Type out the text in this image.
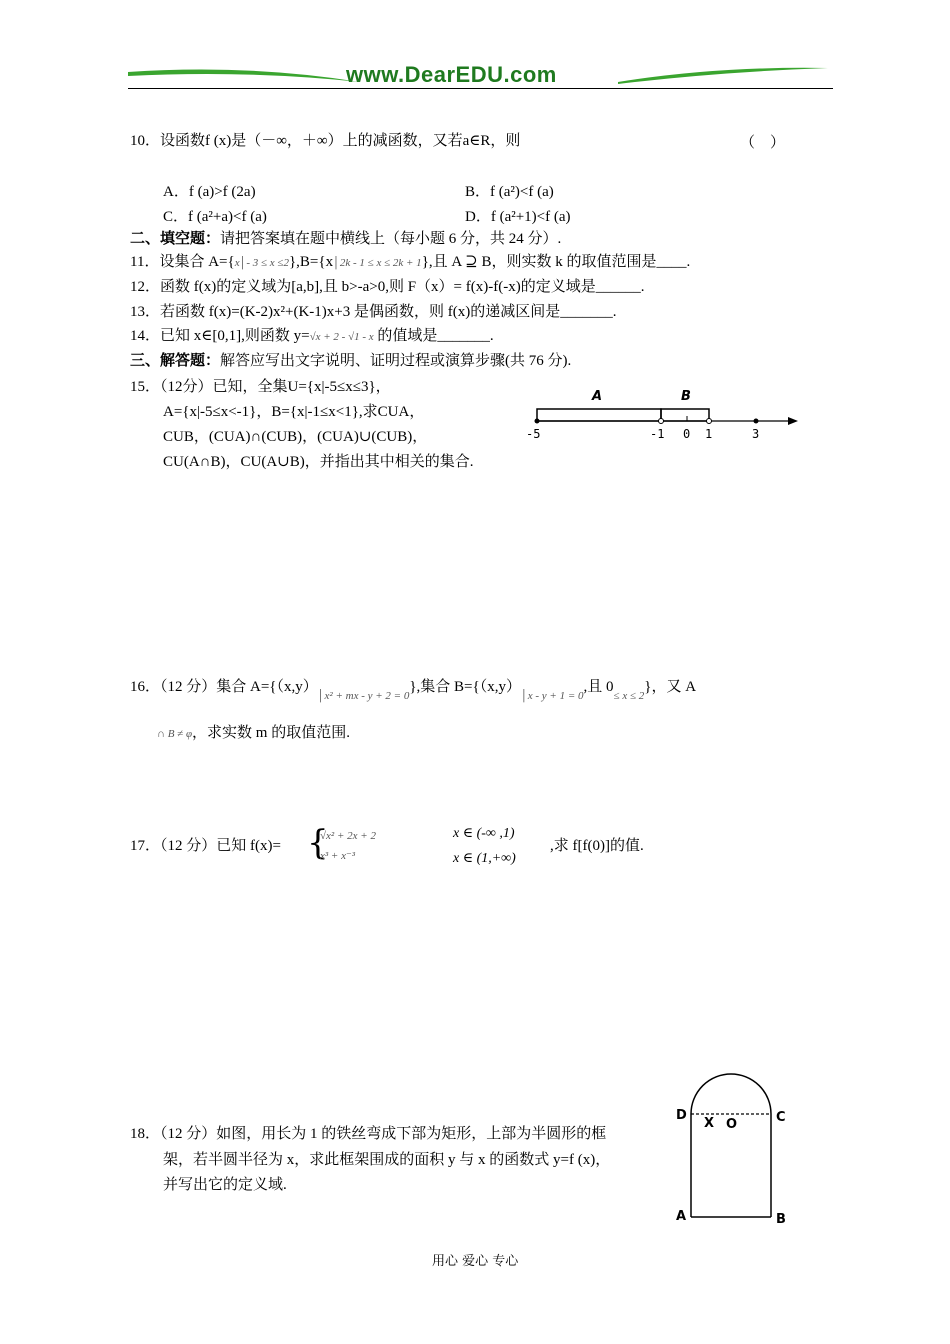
www.DearEDU.com
10．设函数f (x)是（－∞，＋∞）上的减函数，又若a∈R，则	（　）
A．f (a)>f (2a)	B．f (a²)<f (a)
C．f (a²+a)<f (a)	D．f (a²+1)<f (a)
二、填空题：请把答案填在题中横线上（每小题 6 分，共 24 分）.
11．设集合 A={x│- 3 ≤ x ≤2},B={x│2k - 1 ≤ x ≤ 2k + 1},且 A ⊇ B，则实数 k 的取值范围是____.
12．函数 f(x)的定义域为[a,b],且 b>-a>0,则 F（x）= f(x)-f(-x)的定义域是______.
13．若函数 f(x)=(K-2)x²+(K-1)x+3 是偶函数，则 f(x)的递减区间是_______.
14．已知 x∈[0,1],则函数 y=√x + 2 - √1 - x 的值域是_______.
三、解答题：解答应写出文字说明、证明过程或演算步骤(共 76 分).
15．（12分）已知，全集U={x|-5≤x≤3}，
A={x|-5≤x<-1}，B={x|-1≤x<1},求CUA，
CUB，(CUA)∩(CUB)，(CUA)∪(CUB)，
CU(A∩B)，CU(A∪B)，并指出其中相关的集合.
A	B
-5	-1 0 1	3
16．（12 分）集合 $A=\{(x,y)_{│x^2 + mx - y + 2 = 0}\}$,集合 $B=\{(x,y)_{│x - y + 1 = 0}$,且 $0_{\le x \le 2}$}，又 A
∩ B ≠ φ，求实数 m 的取值范围.
17．（12 分）已知 f(x)= {
√x² + 2x + 2
x³ + x⁻³
x ∈ (-∞ ,1)
x ∈ (1,+∞)
,求 f[f(0)]的值.
18．（12 分）如图，用长为 1 的铁丝弯成下部为矩形，上部为半圆形的框
架，若半圆半径为 x，求此框架围成的面积 y 与 x 的函数式 y=f (x)，
并写出它的定义域.
D	C
X O
A	B
用心 爱心 专心
